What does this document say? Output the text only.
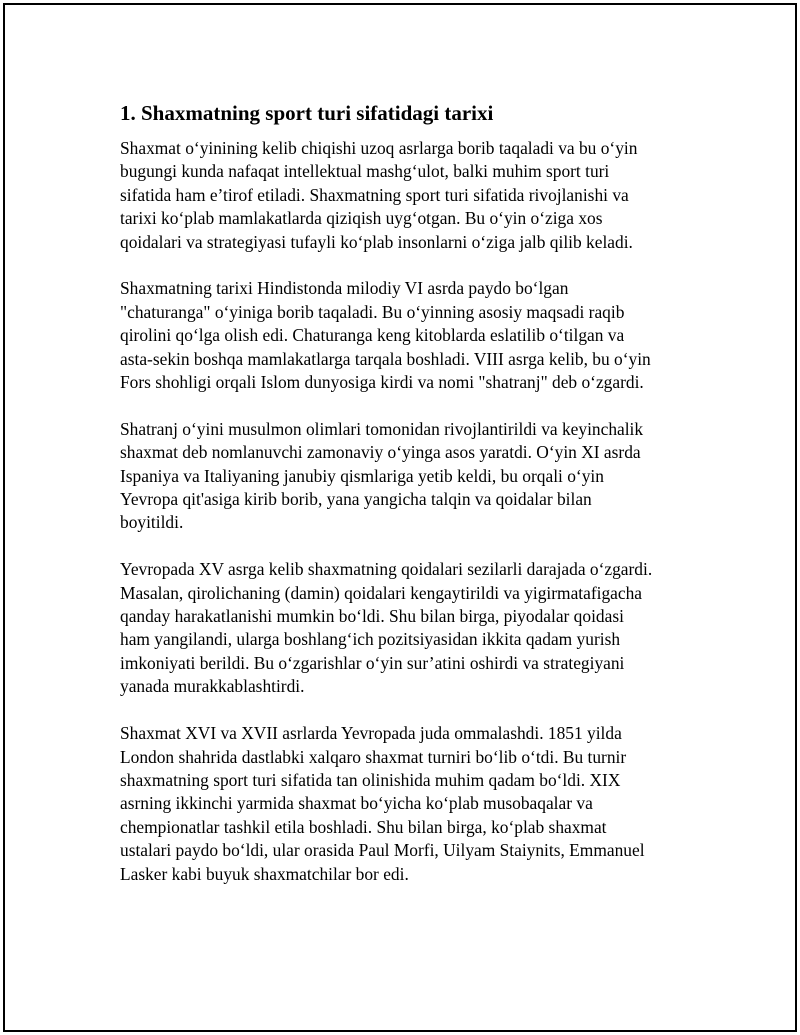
1. Shaxmatning sport turi sifatidagi tarixi

Shaxmat o‘yinining kelib chiqishi uzoq asrlarga borib taqaladi va bu o‘yin
bugungi kunda nafaqat intellektual mashg‘ulot, balki muhim sport turi
sifatida ham e’tirof etiladi. Shaxmatning sport turi sifatida rivojlanishi va
tarixi ko‘plab mamlakatlarda qiziqish uyg‘otgan. Bu o‘yin o‘ziga xos
qoidalari va strategiyasi tufayli ko‘plab insonlarni o‘ziga jalb qilib keladi.

Shaxmatning tarixi Hindistonda milodiy VI asrda paydo bo‘lgan
"chaturanga" o‘yiniga borib taqaladi. Bu o‘yinning asosiy maqsadi raqib
qirolini qo‘lga olish edi. Chaturanga keng kitoblarda eslatilib o‘tilgan va
asta-sekin boshqa mamlakatlarga tarqala boshladi. VIII asrga kelib, bu o‘yin
Fors shohligi orqali Islom dunyosiga kirdi va nomi "shatranj" deb o‘zgardi.

Shatranj o‘yini musulmon olimlari tomonidan rivojlantirildi va keyinchalik
shaxmat deb nomlanuvchi zamonaviy o‘yinga asos yaratdi. O‘yin XI asrda
Ispaniya va Italiyaning janubiy qismlariga yetib keldi, bu orqali o‘yin
Yevropa qit'asiga kirib borib, yana yangicha talqin va qoidalar bilan
boyitildi.

Yevropada XV asrga kelib shaxmatning qoidalari sezilarli darajada o‘zgardi.
Masalan, qirolichaning (damin) qoidalari kengaytirildi va yigirmatafigacha
qanday harakatlanishi mumkin bo‘ldi. Shu bilan birga, piyodalar qoidasi
ham yangilandi, ularga boshlang‘ich pozitsiyasidan ikkita qadam yurish
imkoniyati berildi. Bu o‘zgarishlar o‘yin sur’atini oshirdi va strategiyani
yanada murakkablashtirdi.

Shaxmat XVI va XVII asrlarda Yevropada juda ommalashdi. 1851 yilda
London shahrida dastlabki xalqaro shaxmat turniri bo‘lib o‘tdi. Bu turnir
shaxmatning sport turi sifatida tan olinishida muhim qadam bo‘ldi. XIX
asrning ikkinchi yarmida shaxmat bo‘yicha ko‘plab musobaqalar va
chempionatlar tashkil etila boshladi. Shu bilan birga, ko‘plab shaxmat
ustalari paydo bo‘ldi, ular orasida Paul Morfi, Uilyam Staiynits, Emmanuel
Lasker kabi buyuk shaxmatchilar bor edi.
